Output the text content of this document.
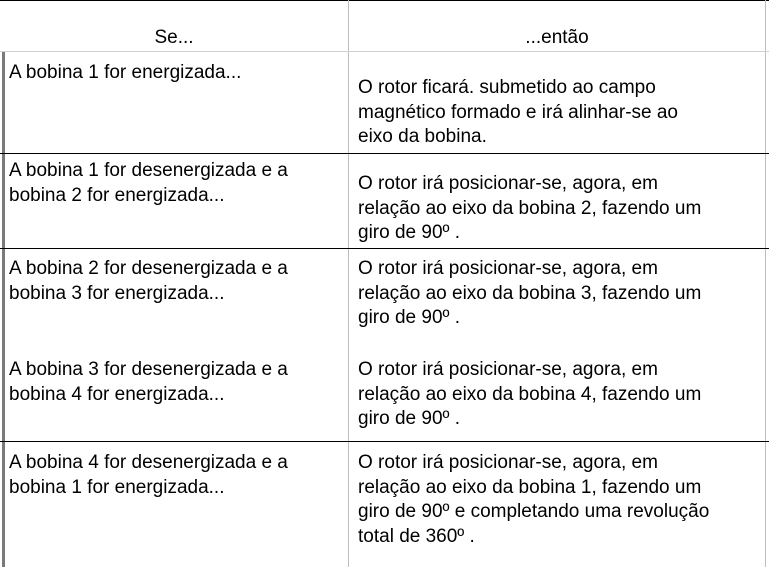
Se...	...então
A bobina 1 for energizada...
O rotor ficará. submetido ao campo
magnético formado e irá alinhar-se ao
eixo da bobina.
A bobina 1 for desenergizada e a
bobina 2 for energizada...
O rotor irá posicionar-se, agora, em
relação ao eixo da bobina 2, fazendo um
giro de 90º .
A bobina 2 for desenergizada e a
bobina 3 for energizada...
O rotor irá posicionar-se, agora, em
relação ao eixo da bobina 3, fazendo um
giro de 90º .
A bobina 3 for desenergizada e a
bobina 4 for energizada...
O rotor irá posicionar-se, agora, em
relação ao eixo da bobina 4, fazendo um
giro de 90º .
A bobina 4 for desenergizada e a
bobina 1 for energizada...
O rotor irá posicionar-se, agora, em
relação ao eixo da bobina 1, fazendo um
giro de 90º e completando uma revolução
total de 360º .
